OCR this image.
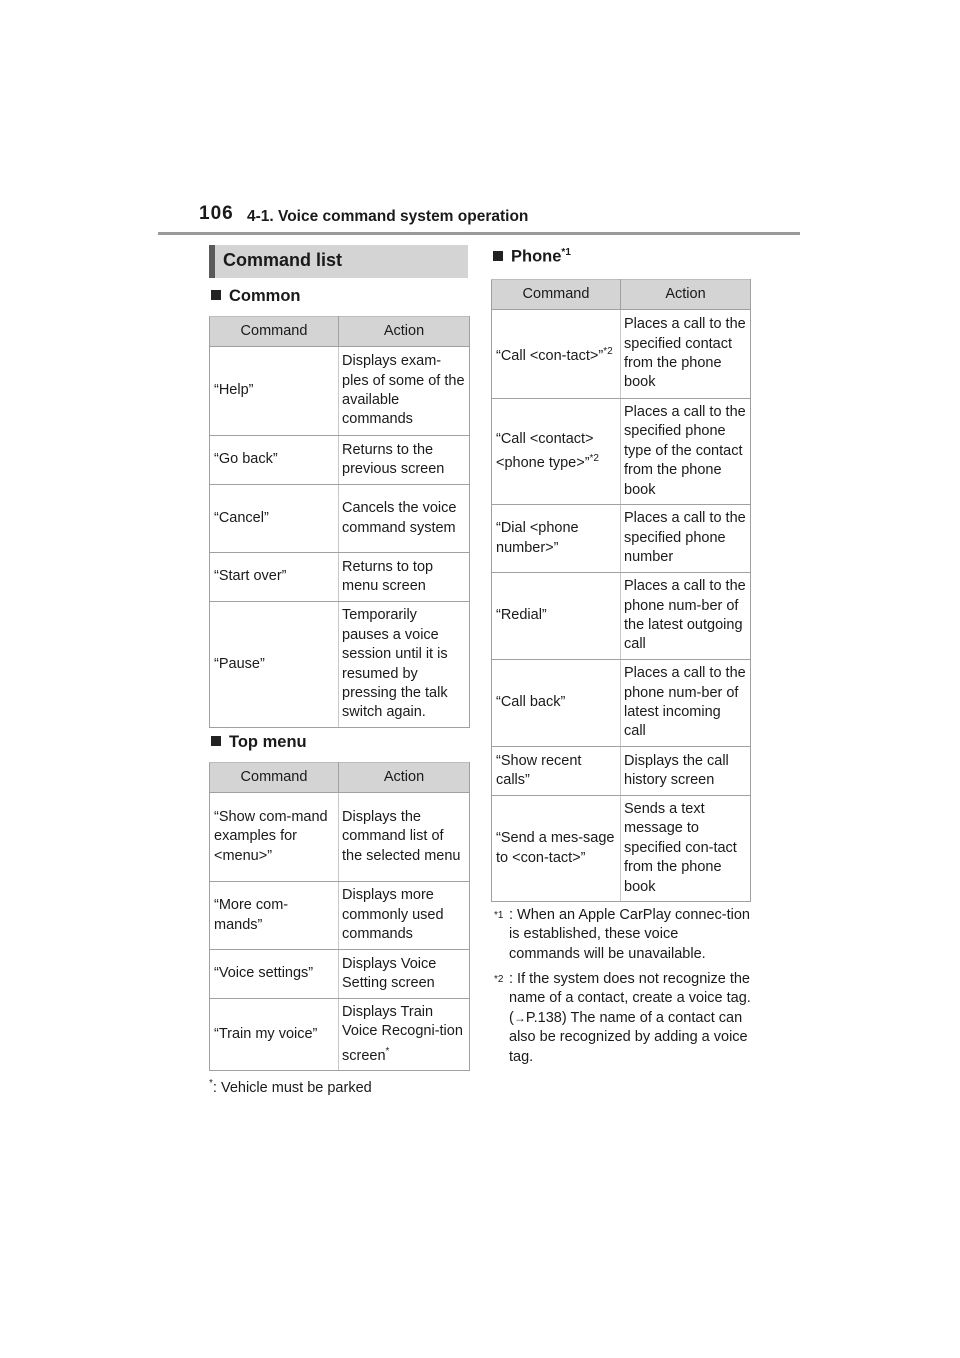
106 4-1. Voice command system operation
Command list
Common
Command	Action
“Help”	Displays exam-ples of some of the available commands
“Go back”	Returns to the previous screen
“Cancel”	Cancels the voice command system
“Start over”	Returns to top menu screen
“Pause”	Temporarily pauses a voice session until it is resumed by pressing the talk switch again.
Top menu
Command	Action
“Show com-mand examples for <menu>”	Displays the command list of the selected menu
“More com-mands”	Displays more commonly used commands
“Voice settings”	Displays Voice Setting screen
“Train my voice”	Displays Train Voice Recogni-tion screen*
*: Vehicle must be parked
Phone$^{*1}$
Command	Action
“Call <con-tact>”$^{*2}$	Places a call to the specified contact from the phone book
“Call <contact> <phone type>”$^{*2}$	Places a call to the specified phone type of the contact from the phone book
“Dial <phone number>”	Places a call to the specified phone number
“Redial”	Places a call to the phone num-ber of the latest outgoing call
“Call back”	Places a call to the phone num-ber of latest incoming call
“Show recent calls”	Displays the call history screen
“Send a mes-sage to <con-tact>”	Sends a text message to specified con-tact from the phone book
$^{*1}$ : When an Apple CarPlay connec-tion is established, these voice commands will be unavailable.
$^{*2}$ : If the system does not recognize the name of a contact, create a voice tag. (→P.138) The name of a contact can also be recognized by adding a voice tag.
